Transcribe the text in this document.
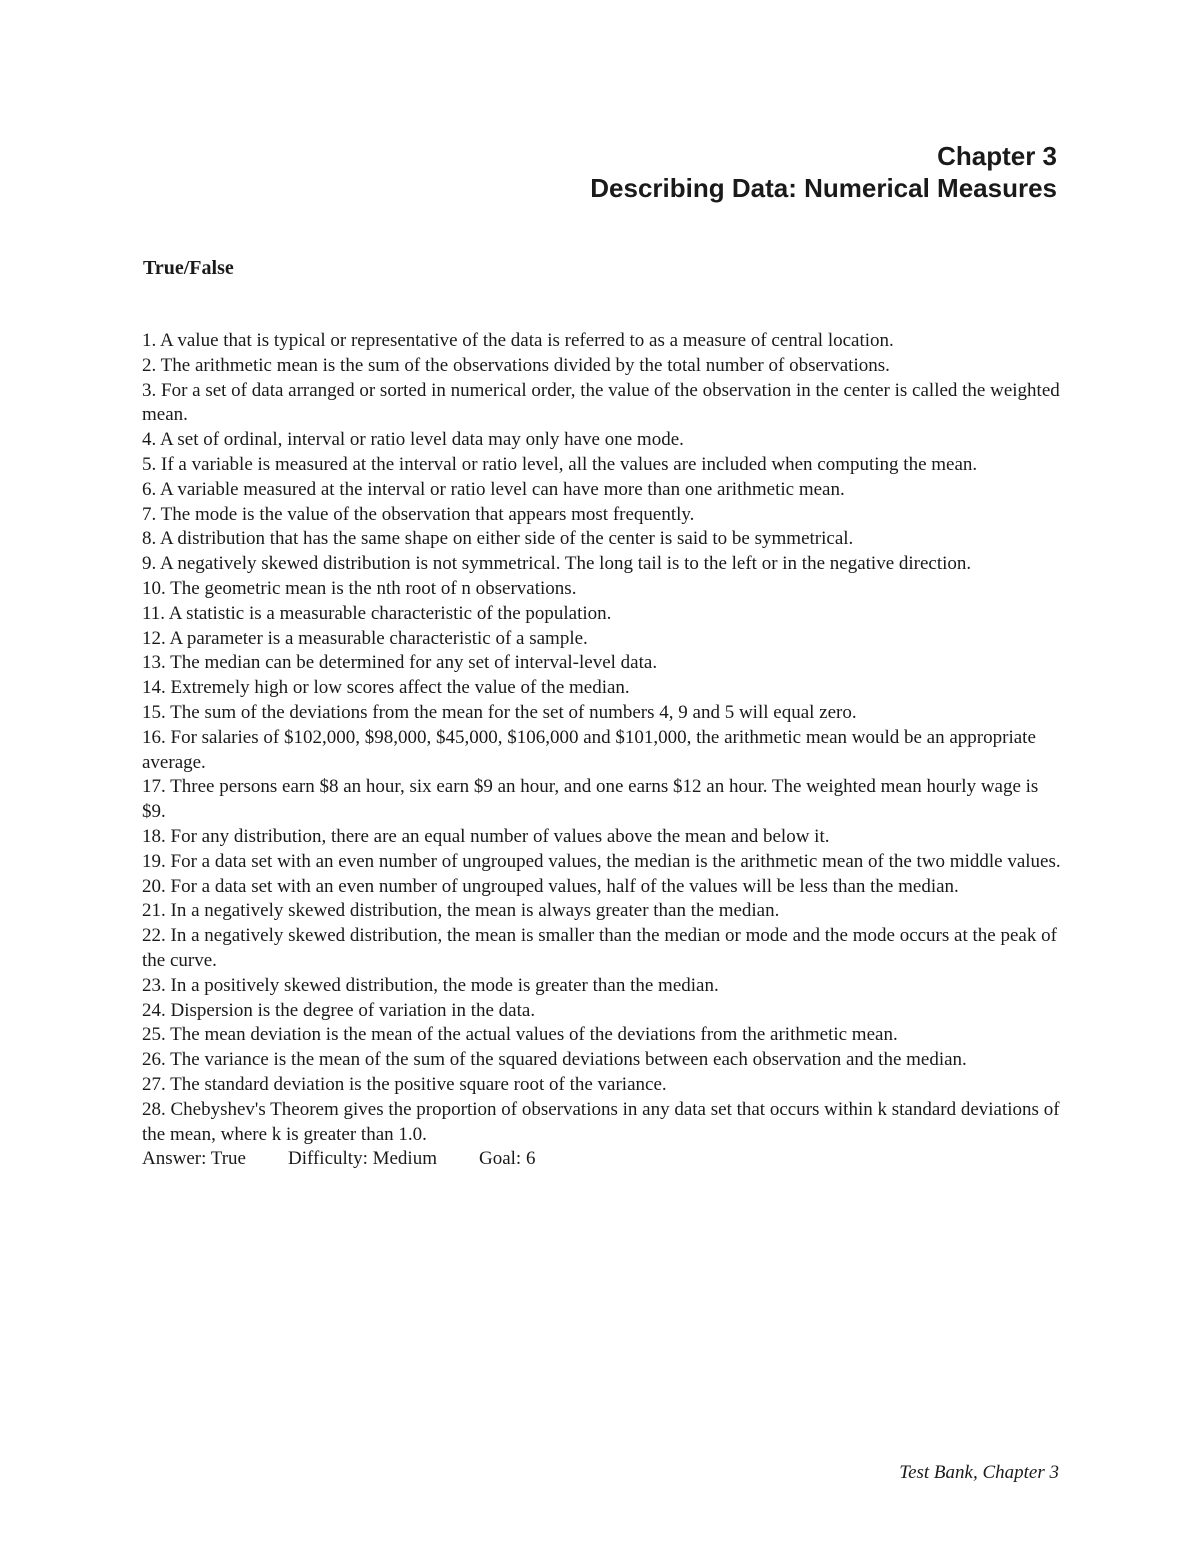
Chapter 3
Describing Data: Numerical Measures
True/False

1. A value that is typical or representative of the data is referred to as a measure of central location.

2. The arithmetic mean is the sum of the observations divided by the total number of observations.

3. For a set of data arranged or sorted in numerical order, the value of the observation in the center is called the weighted mean.

4. A set of ordinal, interval or ratio level data may only have one mode.

5. If a variable is measured at the interval or ratio level, all the values are included when computing the mean.

6. A variable measured at the interval or ratio level can have more than one arithmetic mean.

7. The mode is the value of the observation that appears most frequently.

8. A distribution that has the same shape on either side of the center is said to be symmetrical.

9. A negatively skewed distribution is not symmetrical. The long tail is to the left or in the negative direction.

10. The geometric mean is the nth root of n observations.

11. A statistic is a measurable characteristic of the population.

12. A parameter is a measurable characteristic of a sample.

13. The median can be determined for any set of interval-level data.

14. Extremely high or low scores affect the value of the median.

15. The sum of the deviations from the mean for the set of numbers 4, 9 and 5 will equal zero.

16. For salaries of $102,000, $98,000, $45,000, $106,000 and $101,000, the arithmetic mean would be an appropriate average.

17. Three persons earn $8 an hour, six earn $9 an hour, and one earns $12 an hour. The weighted mean hourly wage is $9.

18. For any distribution, there are an equal number of values above the mean and below it.

19. For a data set with an even number of ungrouped values, the median is the arithmetic mean of the two middle values.

20. For a data set with an even number of ungrouped values, half of the values will be less than the median.

21. In a negatively skewed distribution, the mean is always greater than the median.

22. In a negatively skewed distribution, the mean is smaller than the median or mode and the mode occurs at the peak of the curve.

23. In a positively skewed distribution, the mode is greater than the median.

24. Dispersion is the degree of variation in the data.

25. The mean deviation is the mean of the actual values of the deviations from the arithmetic mean.

26. The variance is the mean of the sum of the squared deviations between each observation and the median.

27. The standard deviation is the positive square root of the variance.

28. Chebyshev's Theorem gives the proportion of observations in any data set that occurs within k standard deviations of the mean, where k is greater than 1.0.

Answer: True Difficulty: Medium Goal: 6
Test Bank, Chapter 3
